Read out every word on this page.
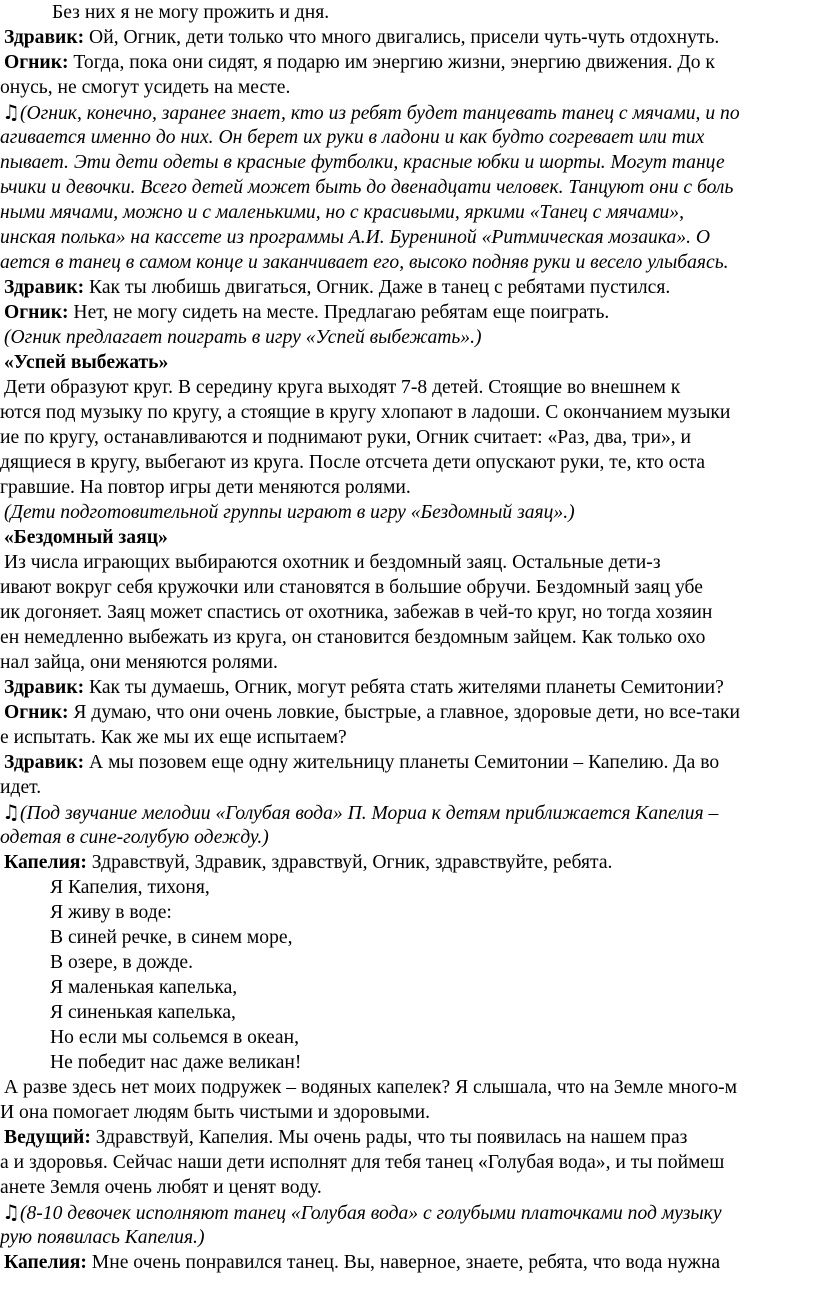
Без них я не могу прожить и дня.
Здравик: Ой, Огник, дети только что много двигались, присели чуть-чуть отдохнуть.
Огник: Тогда, пока они сидят, я подарю им энергию жизни, энергию движения. До к
онусь, не смогут усидеть на месте.
♫(Огник, конечно, заранее знает, кто из ребят будет танцевать танец с мячами, и по
агивается именно до них. Он берет их руки в ладони и как будто согревает или тих
пывает. Эти дети одеты в красные футболки, красные юбки и шорты. Могут танце
ьчики и девочки. Всего детей может быть до двенадцати человек. Танцуют они с боль
ными мячами, можно и с маленькими, но с красивыми, яркими «Танец с мячами»,
инская полька» на кассете из программы А.И. Бурениной «Ритмическая мозаика». О
ается в танец в самом конце и заканчивает его, высоко подняв руки и весело улыбаясь.
Здравик: Как ты любишь двигаться, Огник. Даже в танец с ребятами пустился.
Огник: Нет, не могу сидеть на месте. Предлагаю ребятам еще поиграть.
(Огник предлагает поиграть в игру «Успей выбежать».)
«Успей выбежать»
Дети образуют круг. В середину круга выходят 7-8 детей. Стоящие во внешнем к
ются под музыку по кругу, а стоящие в кругу хлопают в ладоши. С окончанием музыки
ие по кругу, останавливаются и поднимают руки, Огник считает: «Раз, два, три», и
дящиеся в кругу, выбегают из круга. После отсчета дети опускают руки, те, кто оста
гравшие. На повтор игры дети меняются ролями.
(Дети подготовительной группы играют в игру «Бездомный заяц».)
«Бездомный заяц»
Из числа играющих выбираются охотник и бездомный заяц. Остальные дети-з
ивают вокруг себя кружочки или становятся в большие обручи. Бездомный заяц убе
ик догоняет. Заяц может спастись от охотника, забежав в чей-то круг, но тогда хозяин
ен немедленно выбежать из круга, он становится бездомным зайцем. Как только охо
нал зайца, они меняются ролями.
Здравик: Как ты думаешь, Огник, могут ребята стать жителями планеты Семитонии?
Огник: Я думаю, что они очень ловкие, быстрые, а главное, здоровые дети, но все-таки
е испытать. Как же мы их еще испытаем?
Здравик: А мы позовем еще одну жительницу планеты Семитонии – Капелию. Да во
идет.
♫(Под звучание мелодии «Голубая вода» П. Мориа к детям приближается Капелия –
одетая в сине-голубую одежду.)
Капелия: Здравствуй, Здравик, здравствуй, Огник, здравствуйте, ребята.
Я Капелия, тихоня,
Я живу в воде:
В синей речке, в синем море,
В озере, в дожде.
Я маленькая капелька,
Я синенькая капелька,
Но если мы сольемся в океан,
Не победит нас даже великан!
А разве здесь нет моих подружек – водяных капелек? Я слышала, что на Земле много-м
И она помогает людям быть чистыми и здоровыми.
Ведущий: Здравствуй, Капелия. Мы очень рады, что ты появилась на нашем праз
а и здоровья. Сейчас наши дети исполнят для тебя танец «Голубая вода», и ты поймеш
анете Земля очень любят и ценят воду.
♫(8-10 девочек исполняют танец «Голубая вода» с голубыми платочками под музыку
рую появилась Капелия.)
Капелия: Мне очень понравился танец. Вы, наверное, знаете, ребята, что вода нужна
